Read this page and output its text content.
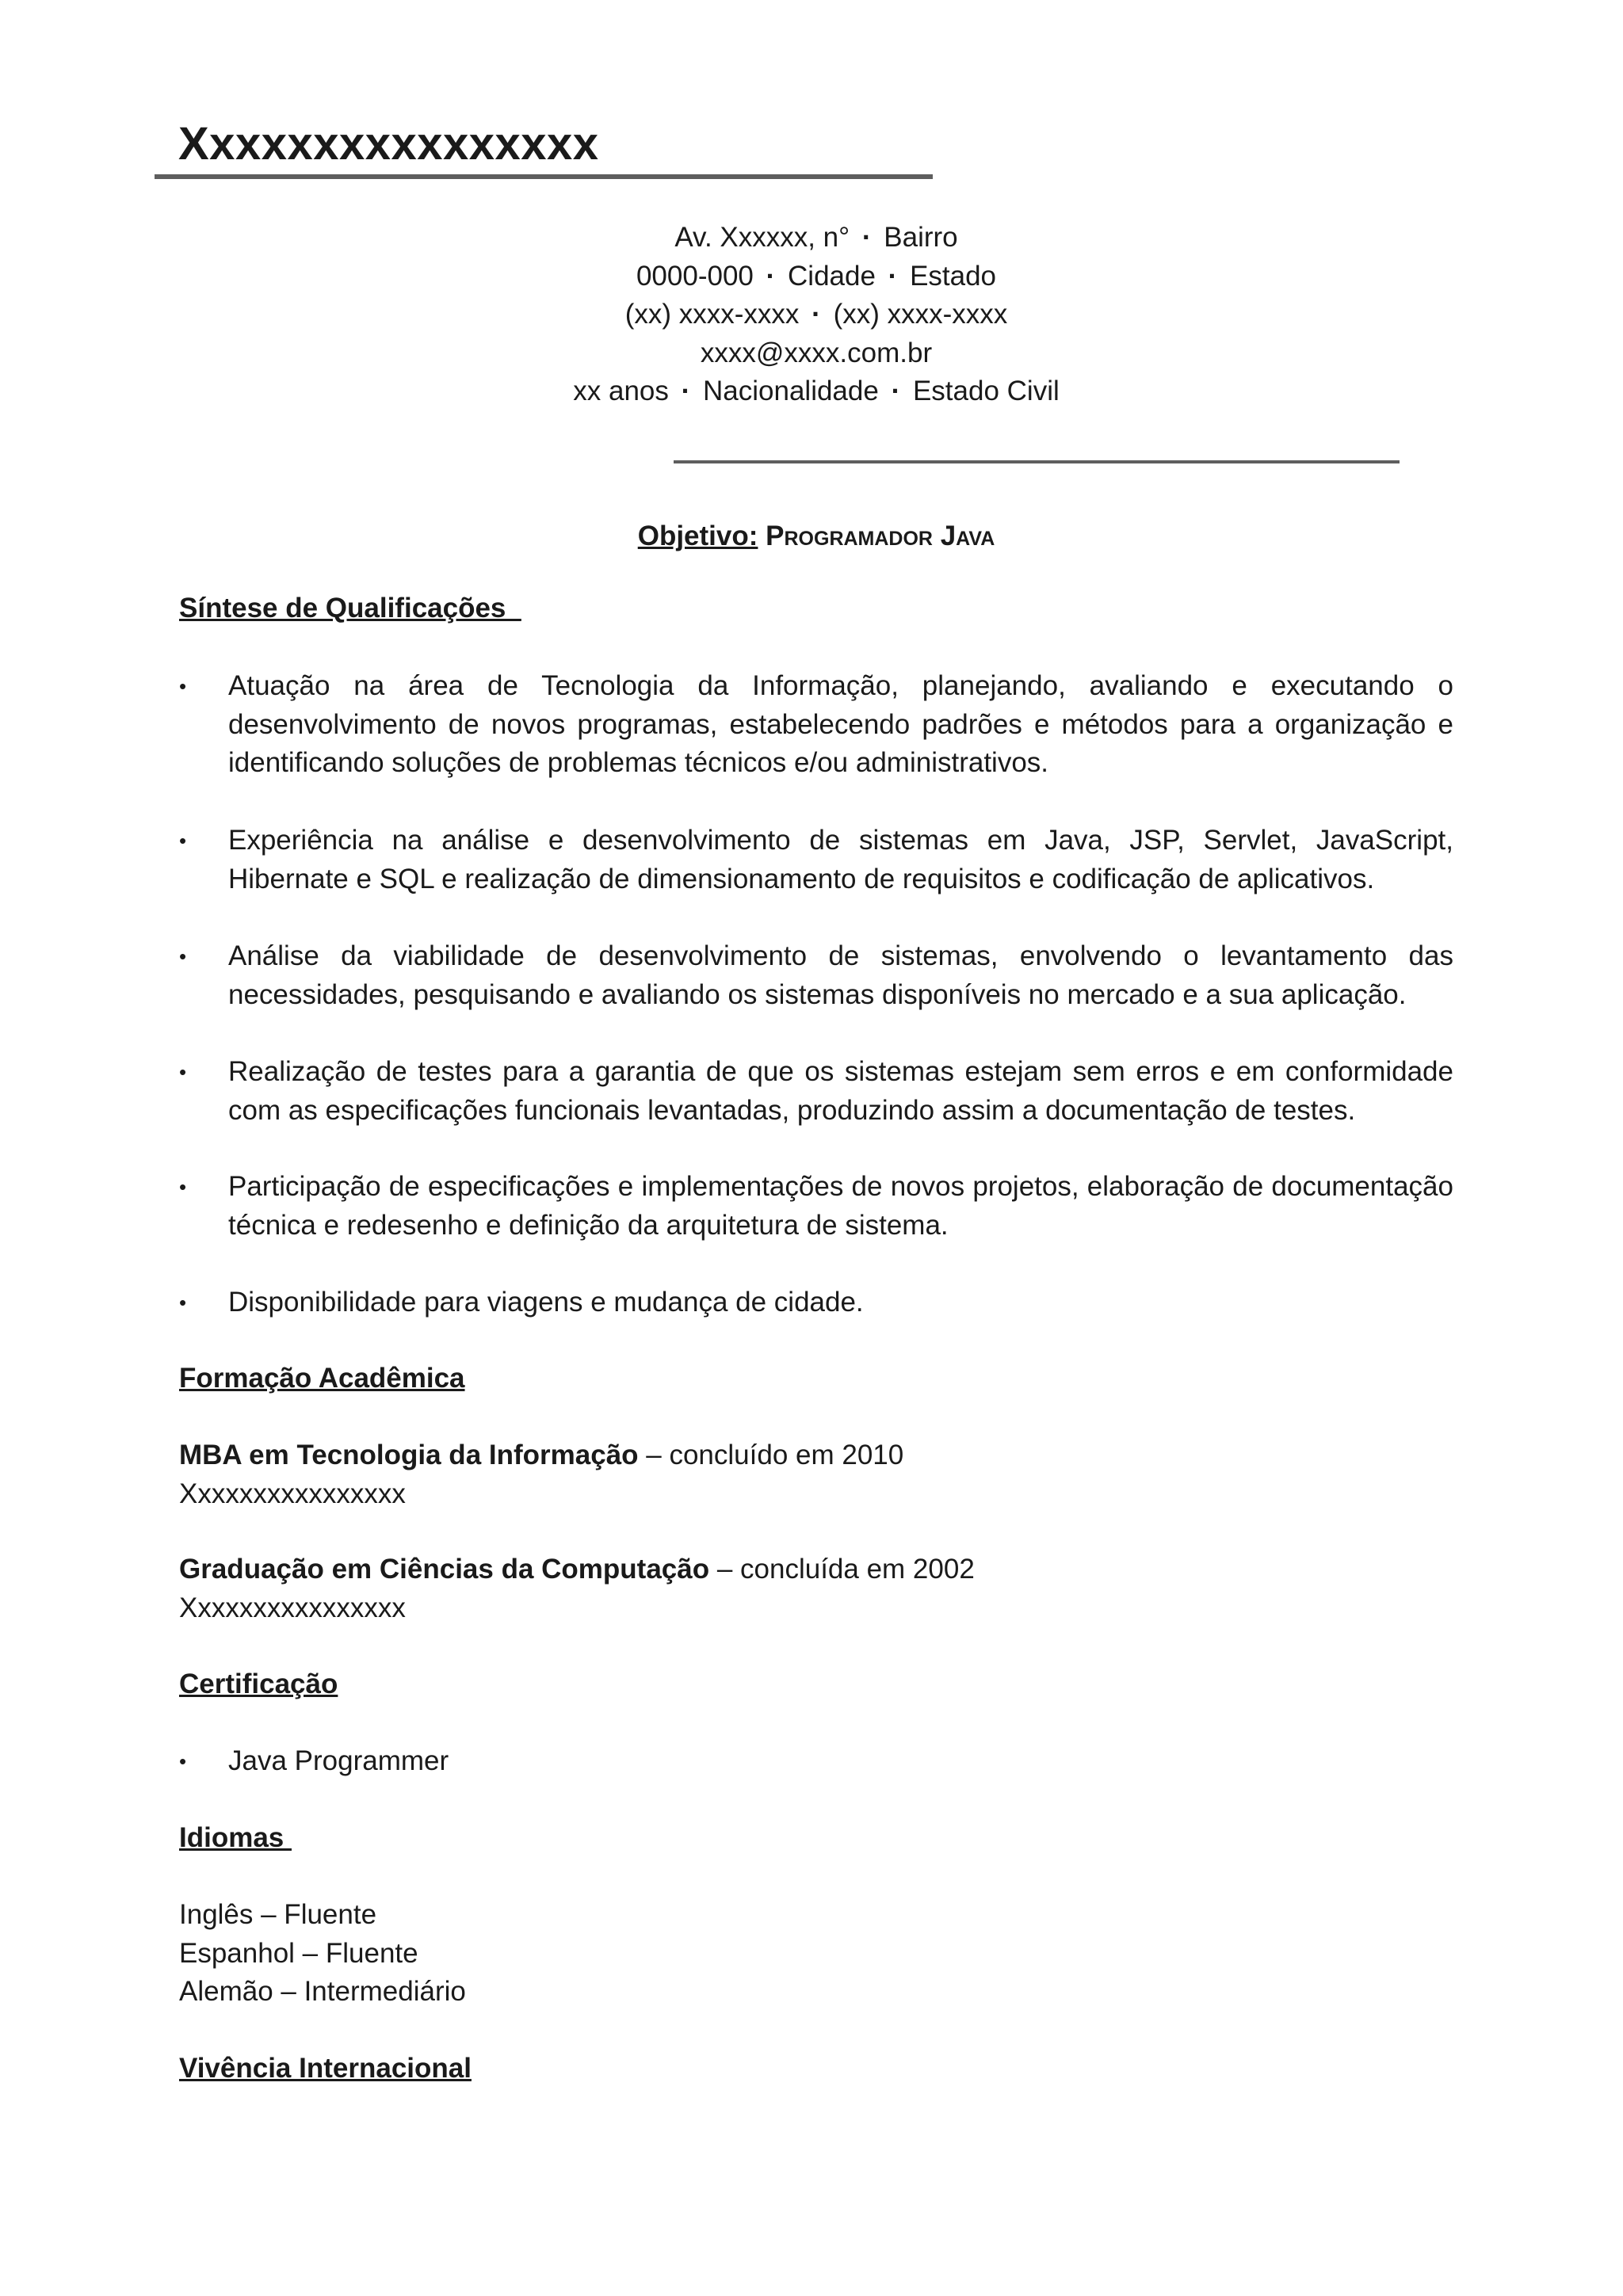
Xxxxxxxxxxxxxxxx
Av. Xxxxxx, n° · Bairro
0000-000 · Cidade · Estado
(xx) xxxx-xxxx · (xx) xxxx-xxxx
xxxx@xxxx.com.br
xx anos · Nacionalidade · Estado Civil
Objetivo: Programador Java
Síntese de Qualificações
•	Atuação na área de Tecnologia da Informação, planejando, avaliando e executando o desenvolvimento de novos programas, estabelecendo padrões e métodos para a organização e identificando soluções de problemas técnicos e/ou administrativos.
•	Experiência na análise e desenvolvimento de sistemas em Java, JSP, Servlet, JavaScript, Hibernate e SQL e realização de dimensionamento de requisitos e codificação de aplicativos.
•	Análise da viabilidade de desenvolvimento de sistemas, envolvendo o levantamento das necessidades, pesquisando e avaliando os sistemas disponíveis no mercado e a sua aplicação.
•	Realização de testes para a garantia de que os sistemas estejam sem erros e em conformidade com as especificações funcionais levantadas, produzindo assim a documentação de testes.
•	Participação de especificações e implementações de novos projetos, elaboração de documentação técnica e redesenho e definição da arquitetura de sistema.
•	Disponibilidade para viagens e mudança de cidade.
Formação Acadêmica
MBA em Tecnologia da Informação – concluído em 2010
Xxxxxxxxxxxxxxxx
Graduação em Ciências da Computação – concluída em 2002
Xxxxxxxxxxxxxxxx
Certificação
•	Java Programmer
Idiomas
Inglês – Fluente
Espanhol – Fluente
Alemão – Intermediário
Vivência Internacional
